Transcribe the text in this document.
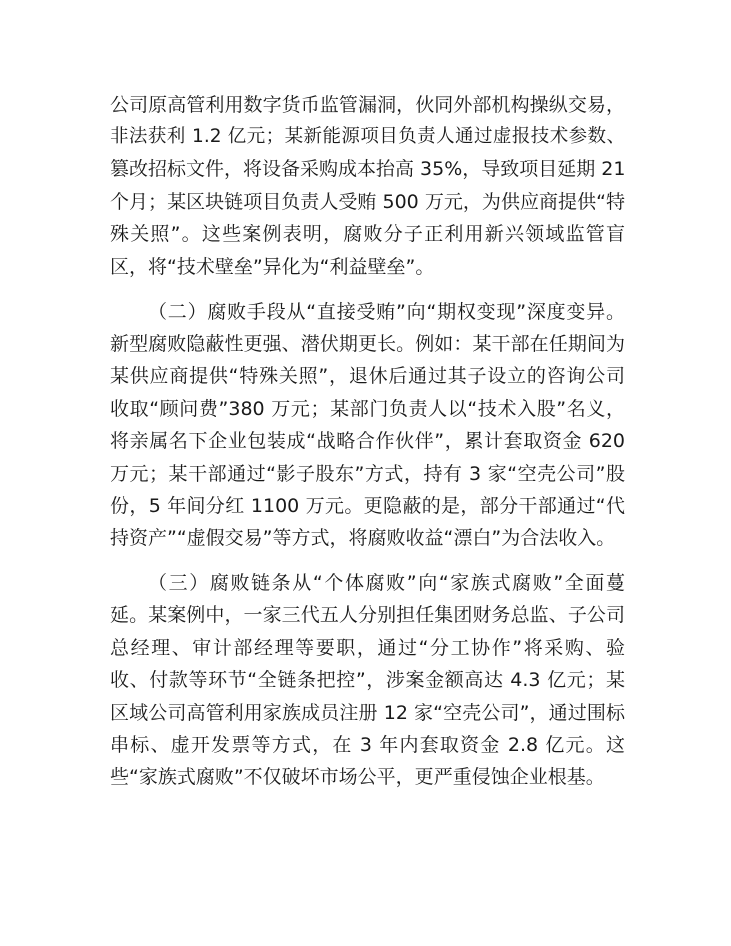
公司原高管利用数字货币监管漏洞，伙同外部机构操纵交易，
非法获利 1.2 亿元；某新能源项目负责人通过虚报技术参数、
篡改招标文件，将设备采购成本抬高 35%，导致项目延期 21
个月；某区块链项目负责人受贿 500 万元，为供应商提供“特
殊关照”。这些案例表明，腐败分子正利用新兴领域监管盲
区，将“技术壁垒”异化为“利益壁垒”。
（二）腐败手段从“直接受贿”向“期权变现”深度变异。
新型腐败隐蔽性更强、潜伏期更长。例如：某干部在任期间为
某供应商提供“特殊关照”，退休后通过其子设立的咨询公司
收取“顾问费”380 万元；某部门负责人以“技术入股”名义，
将亲属名下企业包装成“战略合作伙伴”，累计套取资金 620
万元；某干部通过“影子股东”方式，持有 3 家“空壳公司”股
份，5 年间分红 1100 万元。更隐蔽的是，部分干部通过“代
持资产”“虚假交易”等方式，将腐败收益“漂白”为合法收入。
（三）腐败链条从“个体腐败”向“家族式腐败”全面蔓
延。某案例中，一家三代五人分别担任集团财务总监、子公司
总经理、审计部经理等要职，通过“分工协作”将采购、验
收、付款等环节“全链条把控”，涉案金额高达 4.3 亿元；某
区域公司高管利用家族成员注册 12 家“空壳公司”，通过围标
串标、虚开发票等方式，在 3 年内套取资金 2.8 亿元。这
些“家族式腐败”不仅破坏市场公平，更严重侵蚀企业根基。
